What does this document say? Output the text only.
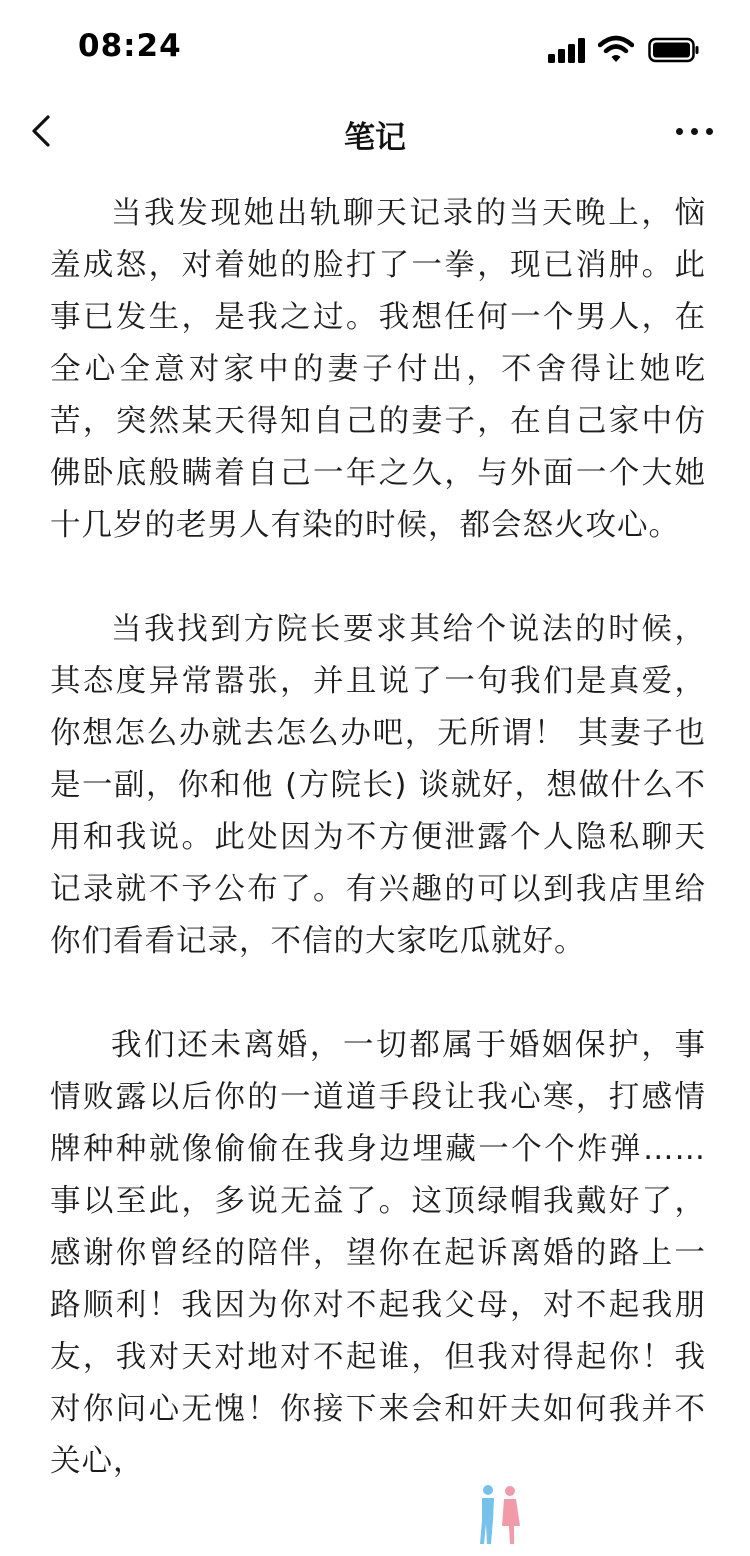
08:24
笔记

当我发现她出轨聊天记录的当天晚上，恼羞成怒，对着她的脸打了一拳，现已消肿。此事已发生，是我之过。我想任何一个男人，在全心全意对家中的妻子付出，不舍得让她吃苦，突然某天得知自己的妻子，在自己家中仿佛卧底般瞒着自己一年之久，与外面一个大她十几岁的老男人有染的时候，都会怒火攻心。

当我找到方院长要求其给个说法的时候，其态度异常嚣张，并且说了一句我们是真爱，你想怎么办就去怎么办吧，无所谓！ 其妻子也是一副，你和他 (方院长) 谈就好，想做什么不用和我说。此处因为不方便泄露个人隐私聊天记录就不予公布了。有兴趣的可以到我店里给你们看看记录，不信的大家吃瓜就好。

我们还未离婚，一切都属于婚姻保护，事情败露以后你的一道道手段让我心寒，打感情牌种种就像偷偷在我身边埋藏一个个炸弹……事以至此，多说无益了。这顶绿帽我戴好了，感谢你曾经的陪伴，望你在起诉离婚的路上一路顺利！我因为你对不起我父母，对不起我朋友，我对天对地对不起谁，但我对得起你！我对你问心无愧！你接下来会和奸夫如何我并不关心，
